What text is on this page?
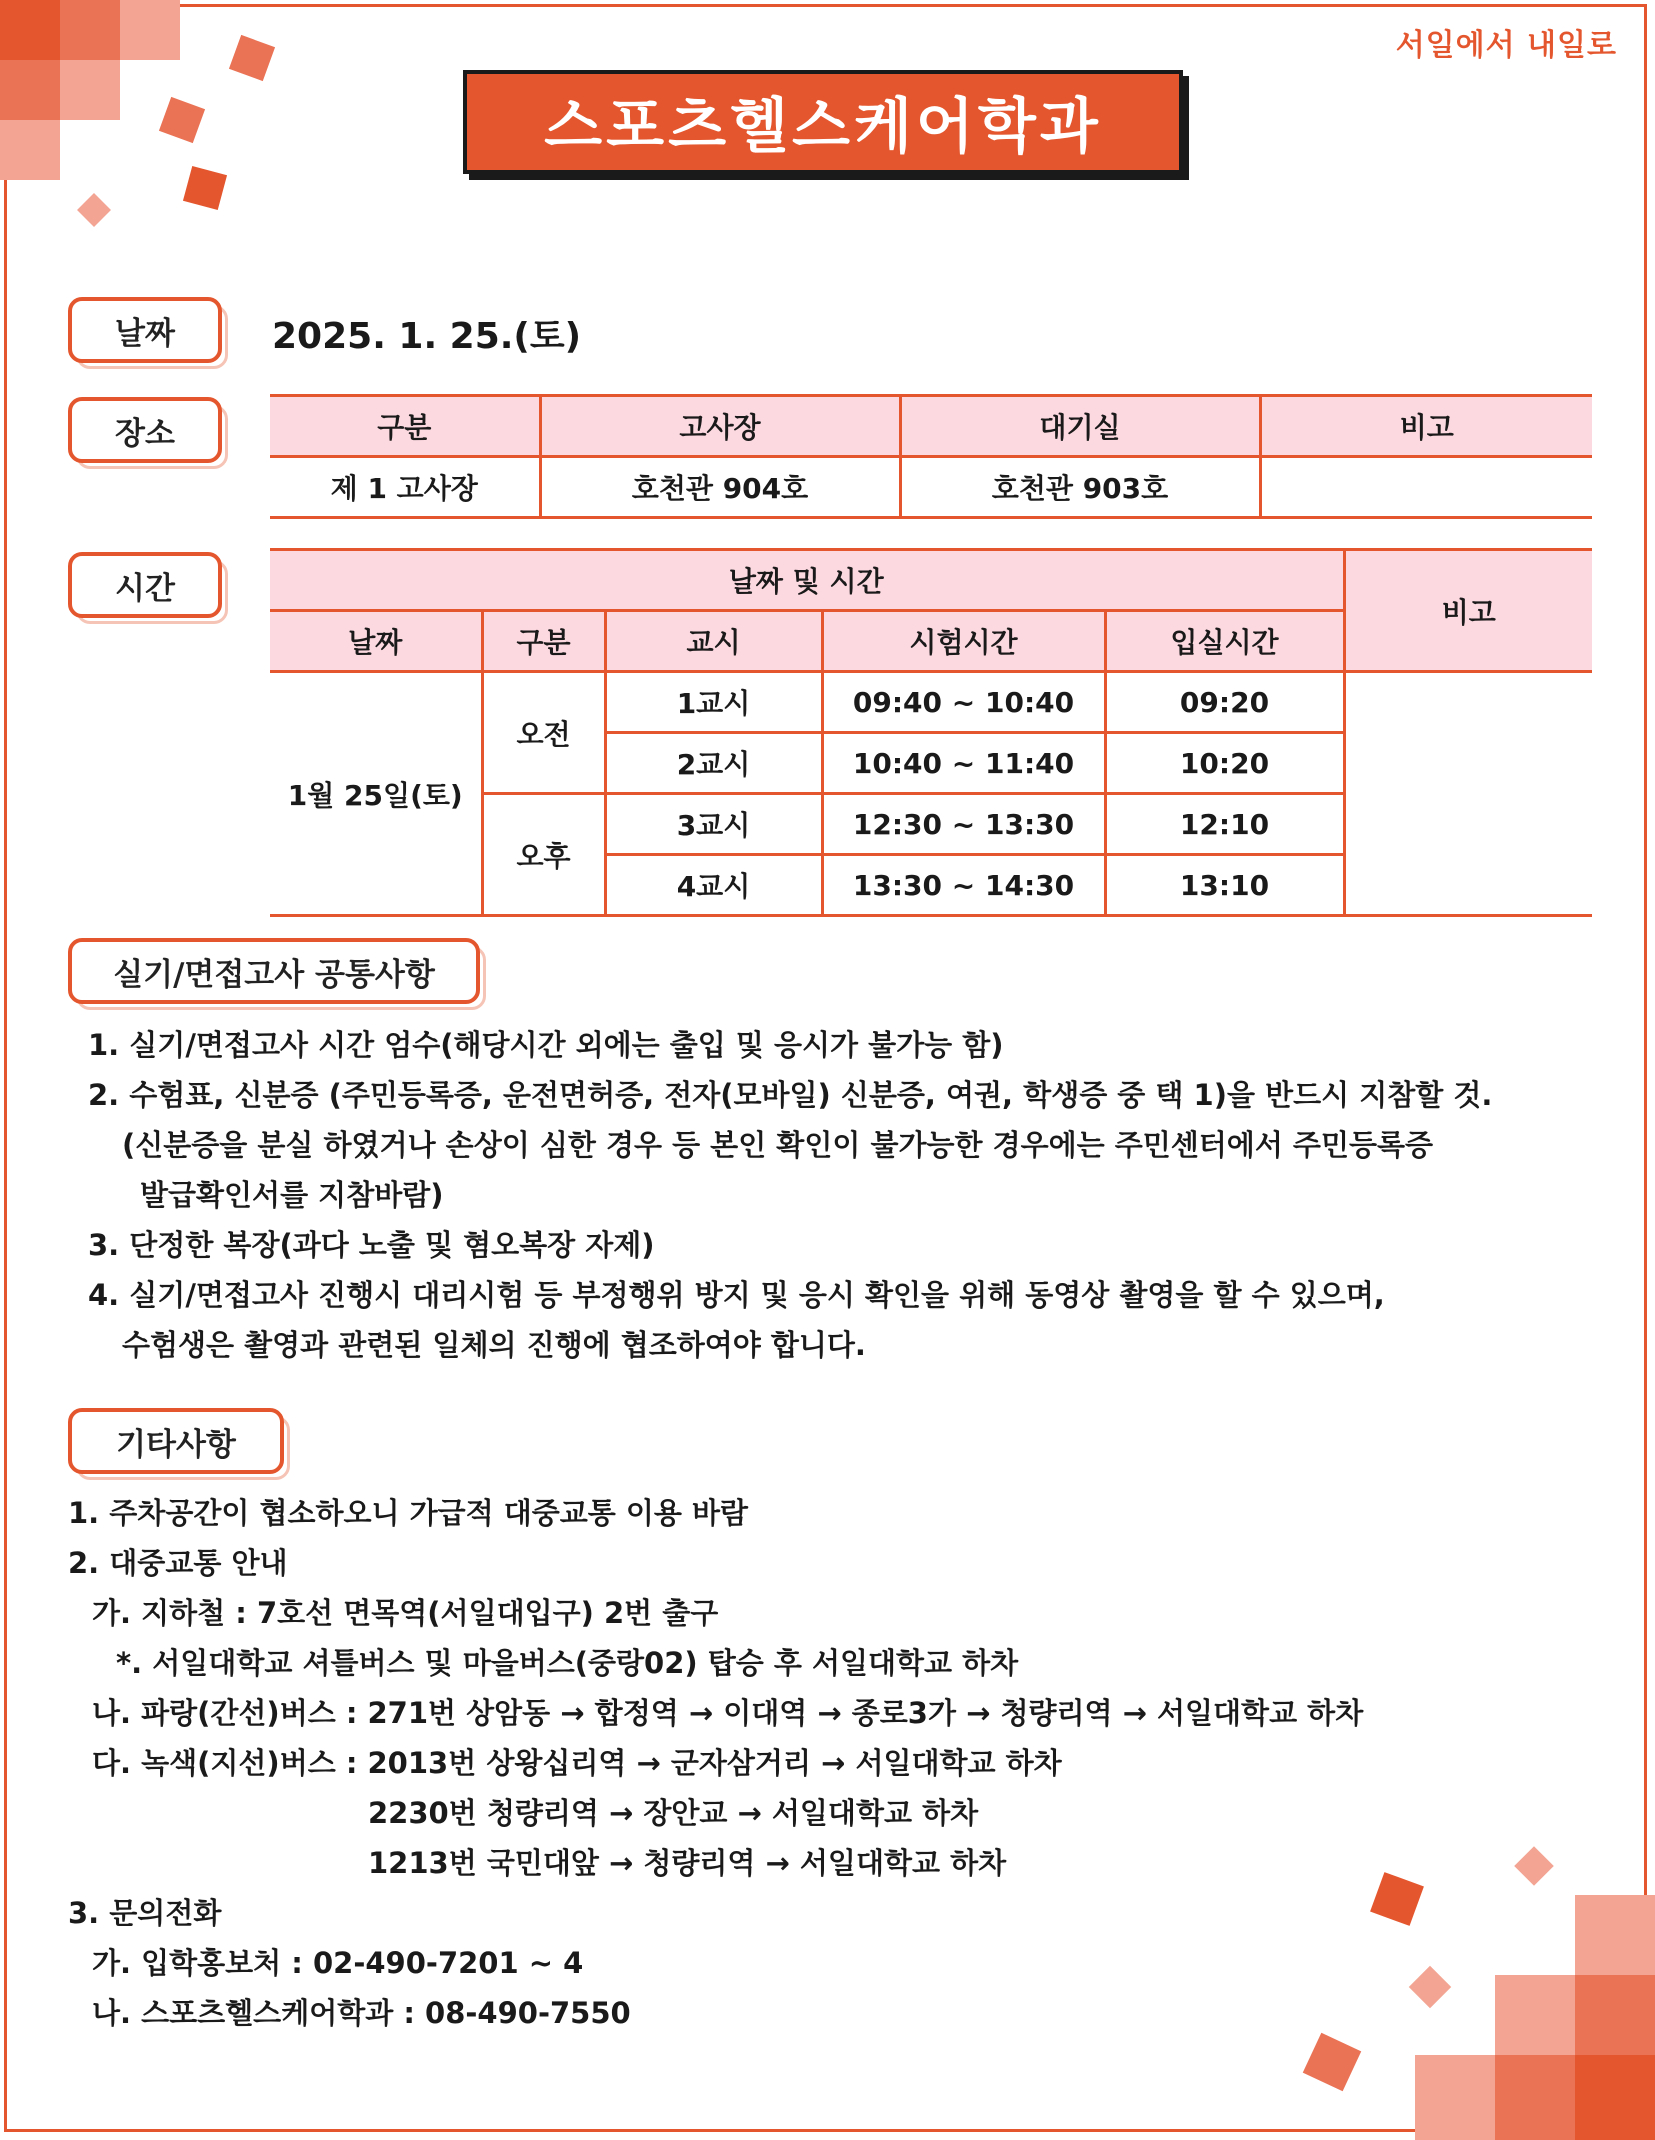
서일에서 내일로
스포츠헬스케어학과
날짜	2025. 1. 25.(토)
장소	구분	고사장	대기실	비고
제 1 고사장	호천관 904호	호천관 903호	
시간	날짜 및 시간					비고
날짜	구분	교시	시험시간	입실시간	
1월 25일(토)	오전	1교시	09:40 ~ 10:40	09:20	
		2교시	10:40 ~ 11:40	10:20	
	오후	3교시	12:30 ~ 13:30	12:10	
		4교시	13:30 ~ 14:30	13:10	
실기/면접고사 공통사항
1. 실기/면접고사 시간 엄수(해당시간 외에는 출입 및 응시가 불가능 함)
2. 수험표, 신분증 (주민등록증, 운전면허증, 전자(모바일) 신분증, 여권, 학생증 중 택 1)을 반드시 지참할 것.
(신분증을 분실 하였거나 손상이 심한 경우 등 본인 확인이 불가능한 경우에는 주민센터에서 주민등록증
발급확인서를 지참바람)
3. 단정한 복장(과다 노출 및 혐오복장 자제)
4. 실기/면접고사 진행시 대리시험 등 부정행위 방지 및 응시 확인을 위해 동영상 촬영을 할 수 있으며,
수험생은 촬영과 관련된 일체의 진행에 협조하여야 합니다.
기타사항
1. 주차공간이 협소하오니 가급적 대중교통 이용 바람
2. 대중교통 안내
가. 지하철 : 7호선 면목역(서일대입구) 2번 출구
*. 서일대학교 셔틀버스 및 마을버스(중랑02) 탑승 후 서일대학교 하차
나. 파랑(간선)버스 : 271번 상암동 → 합정역 → 이대역 → 종로3가 → 청량리역 → 서일대학교 하차
다. 녹색(지선)버스 : 2013번 상왕십리역 → 군자삼거리 → 서일대학교 하차
2230번 청량리역 → 장안교 → 서일대학교 하차
1213번 국민대앞 → 청량리역 → 서일대학교 하차
3. 문의전화
가. 입학홍보처 : 02-490-7201 ~ 4
나. 스포츠헬스케어학과 : 08-490-7550
